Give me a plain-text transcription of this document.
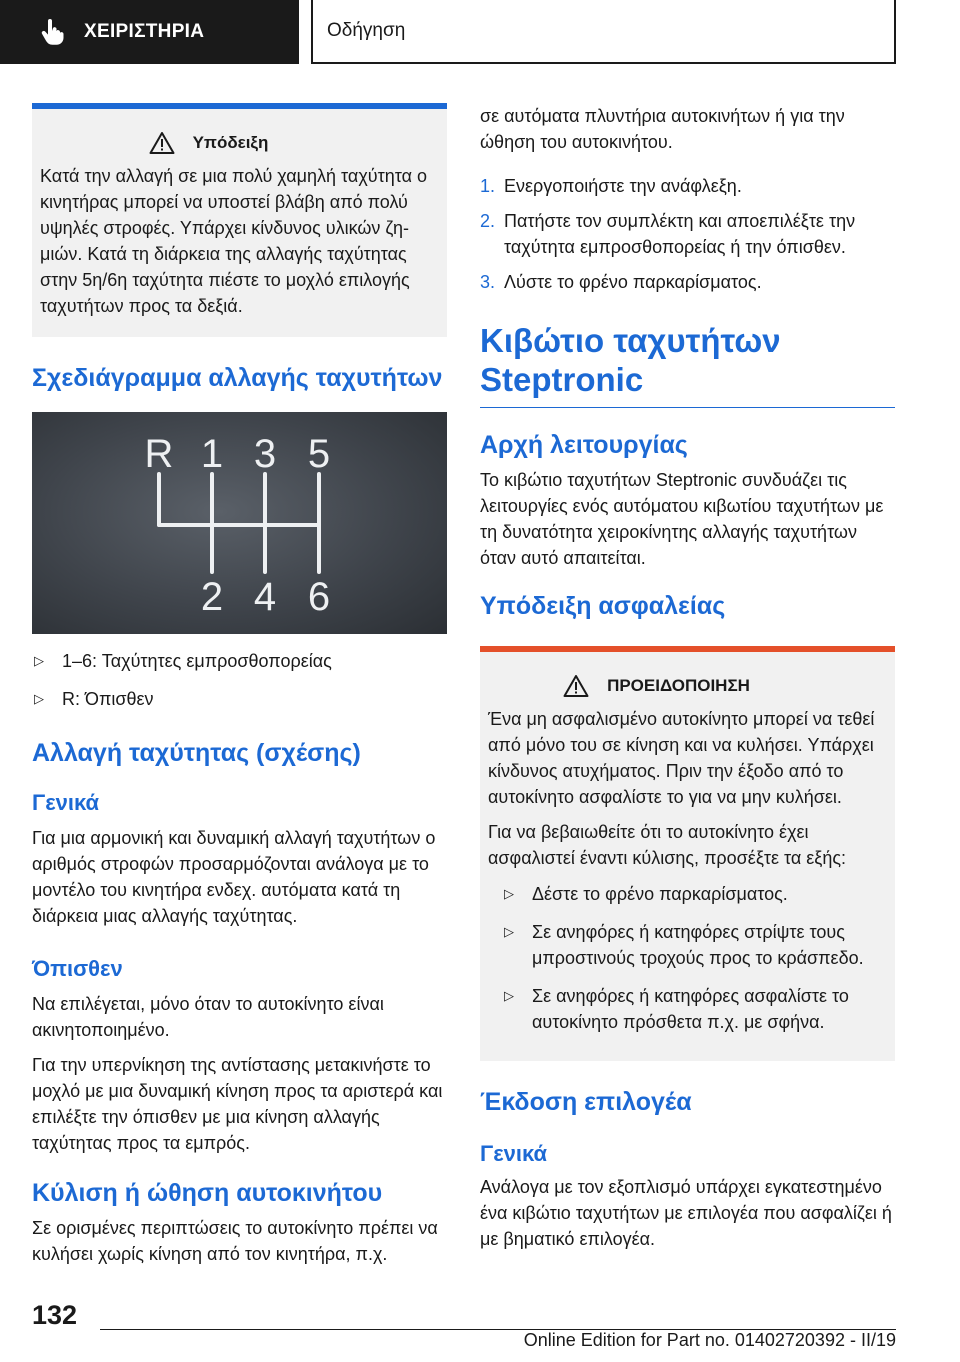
ΧΕΙΡΙΣΤΗΡΙΑ	Οδήγηση
Υπόδειξη
Κατά την αλλαγή σε μια πολύ χαμηλή ταχύτητα ο κινητήρας μπορεί να υποστεί βλάβη από πολύ υψηλές στροφές. Υπάρχει κίνδυνος υλικών ζημιών. Κατά τη διάρκεια της αλλαγής ταχύτητας στην 5η/6η ταχύτητα πιέστε το μοχλό επιλογής ταχυτήτων προς τα δεξιά.
Σχεδιάγραμμα αλλαγής ταχυτήτων
R 1 3 5
2 4 6
▷	1–6: Ταχύτητες εμπροσθοπορείας
▷	R: Όπισθεν
Αλλαγή ταχύτητας (σχέσης)
Γενικά

Για μια αρμονική και δυναμική αλλαγή ταχυτήτων ο αριθμός στροφών προσαρμόζονται ανάλογα με το μοντέλο του κινητήρα ενδεχ. αυτόματα κατά τη διάρκεια μιας αλλαγής ταχύτητας.

Όπισθεν

Να επιλέγεται, μόνο όταν το αυτοκίνητο είναι ακινητοποιημένο.

Για την υπερνίκηση της αντίστασης μετακινήστε το μοχλό με μια δυναμική κίνηση προς τα αριστερά και επιλέξτε την όπισθεν με μια κίνηση αλλαγής ταχύτητας προς τα εμπρός.

Κύλιση ή ώθηση αυτοκινήτου

Σε ορισμένες περιπτώσεις το αυτοκίνητο πρέπει να κυλήσει χωρίς κίνηση από τον κινητήρα, π.χ.

σε αυτόματα πλυντήρια αυτοκινήτων ή για την ώθηση του αυτοκινήτου.

1. Ενεργοποιήστε την ανάφλεξη.
2. Πατήστε τον συμπλέκτη και αποεπιλέξτε την ταχύτητα εμπροσθοπορείας ή την όπισθεν.
3. Λύστε το φρένο παρκαρίσματος.
Κιβώτιο ταχυτήτων Steptronic
Αρχή λειτουργίας

Το κιβώτιο ταχυτήτων Steptronic συνδυάζει τις λειτουργίες ενός αυτόματου κιβωτίου ταχυτήτων με τη δυνατότητα χειροκίνητης αλλαγής ταχυτήτων όταν αυτό απαιτείται.

Υπόδειξη ασφαλείας
ΠΡΟΕΙΔΟΠΟΙΗΣΗ

Ένα μη ασφαλισμένο αυτοκίνητο μπορεί να τεθεί από μόνο του σε κίνηση και να κυλήσει. Υπάρχει κίνδυνος ατυχήματος. Πριν την έξοδο από το αυτοκίνητο ασφαλίστε το για να μην κυλήσει.

Για να βεβαιωθείτε ότι το αυτοκίνητο έχει ασφαλιστεί έναντι κύλισης, προσέξτε τα εξής:

▷	Δέστε το φρένο παρκαρίσματος.
▷	Σε ανηφόρες ή κατηφόρες στρίψτε τους μπροστινούς τροχούς προς το κράσπεδο.
▷	Σε ανηφόρες ή κατηφόρες ασφαλίστε το αυτοκίνητο πρόσθετα π.χ. με σφήνα.
Έκδοση επιλογέα
Γενικά

Ανάλογα με τον εξοπλισμό υπάρχει εγκατεστημένο ένα κιβώτιο ταχυτήτων με επιλογέα που ασφαλίζει ή με βηματικό επιλογέα.

132
Online Edition for Part no. 01402720392 - II/19
